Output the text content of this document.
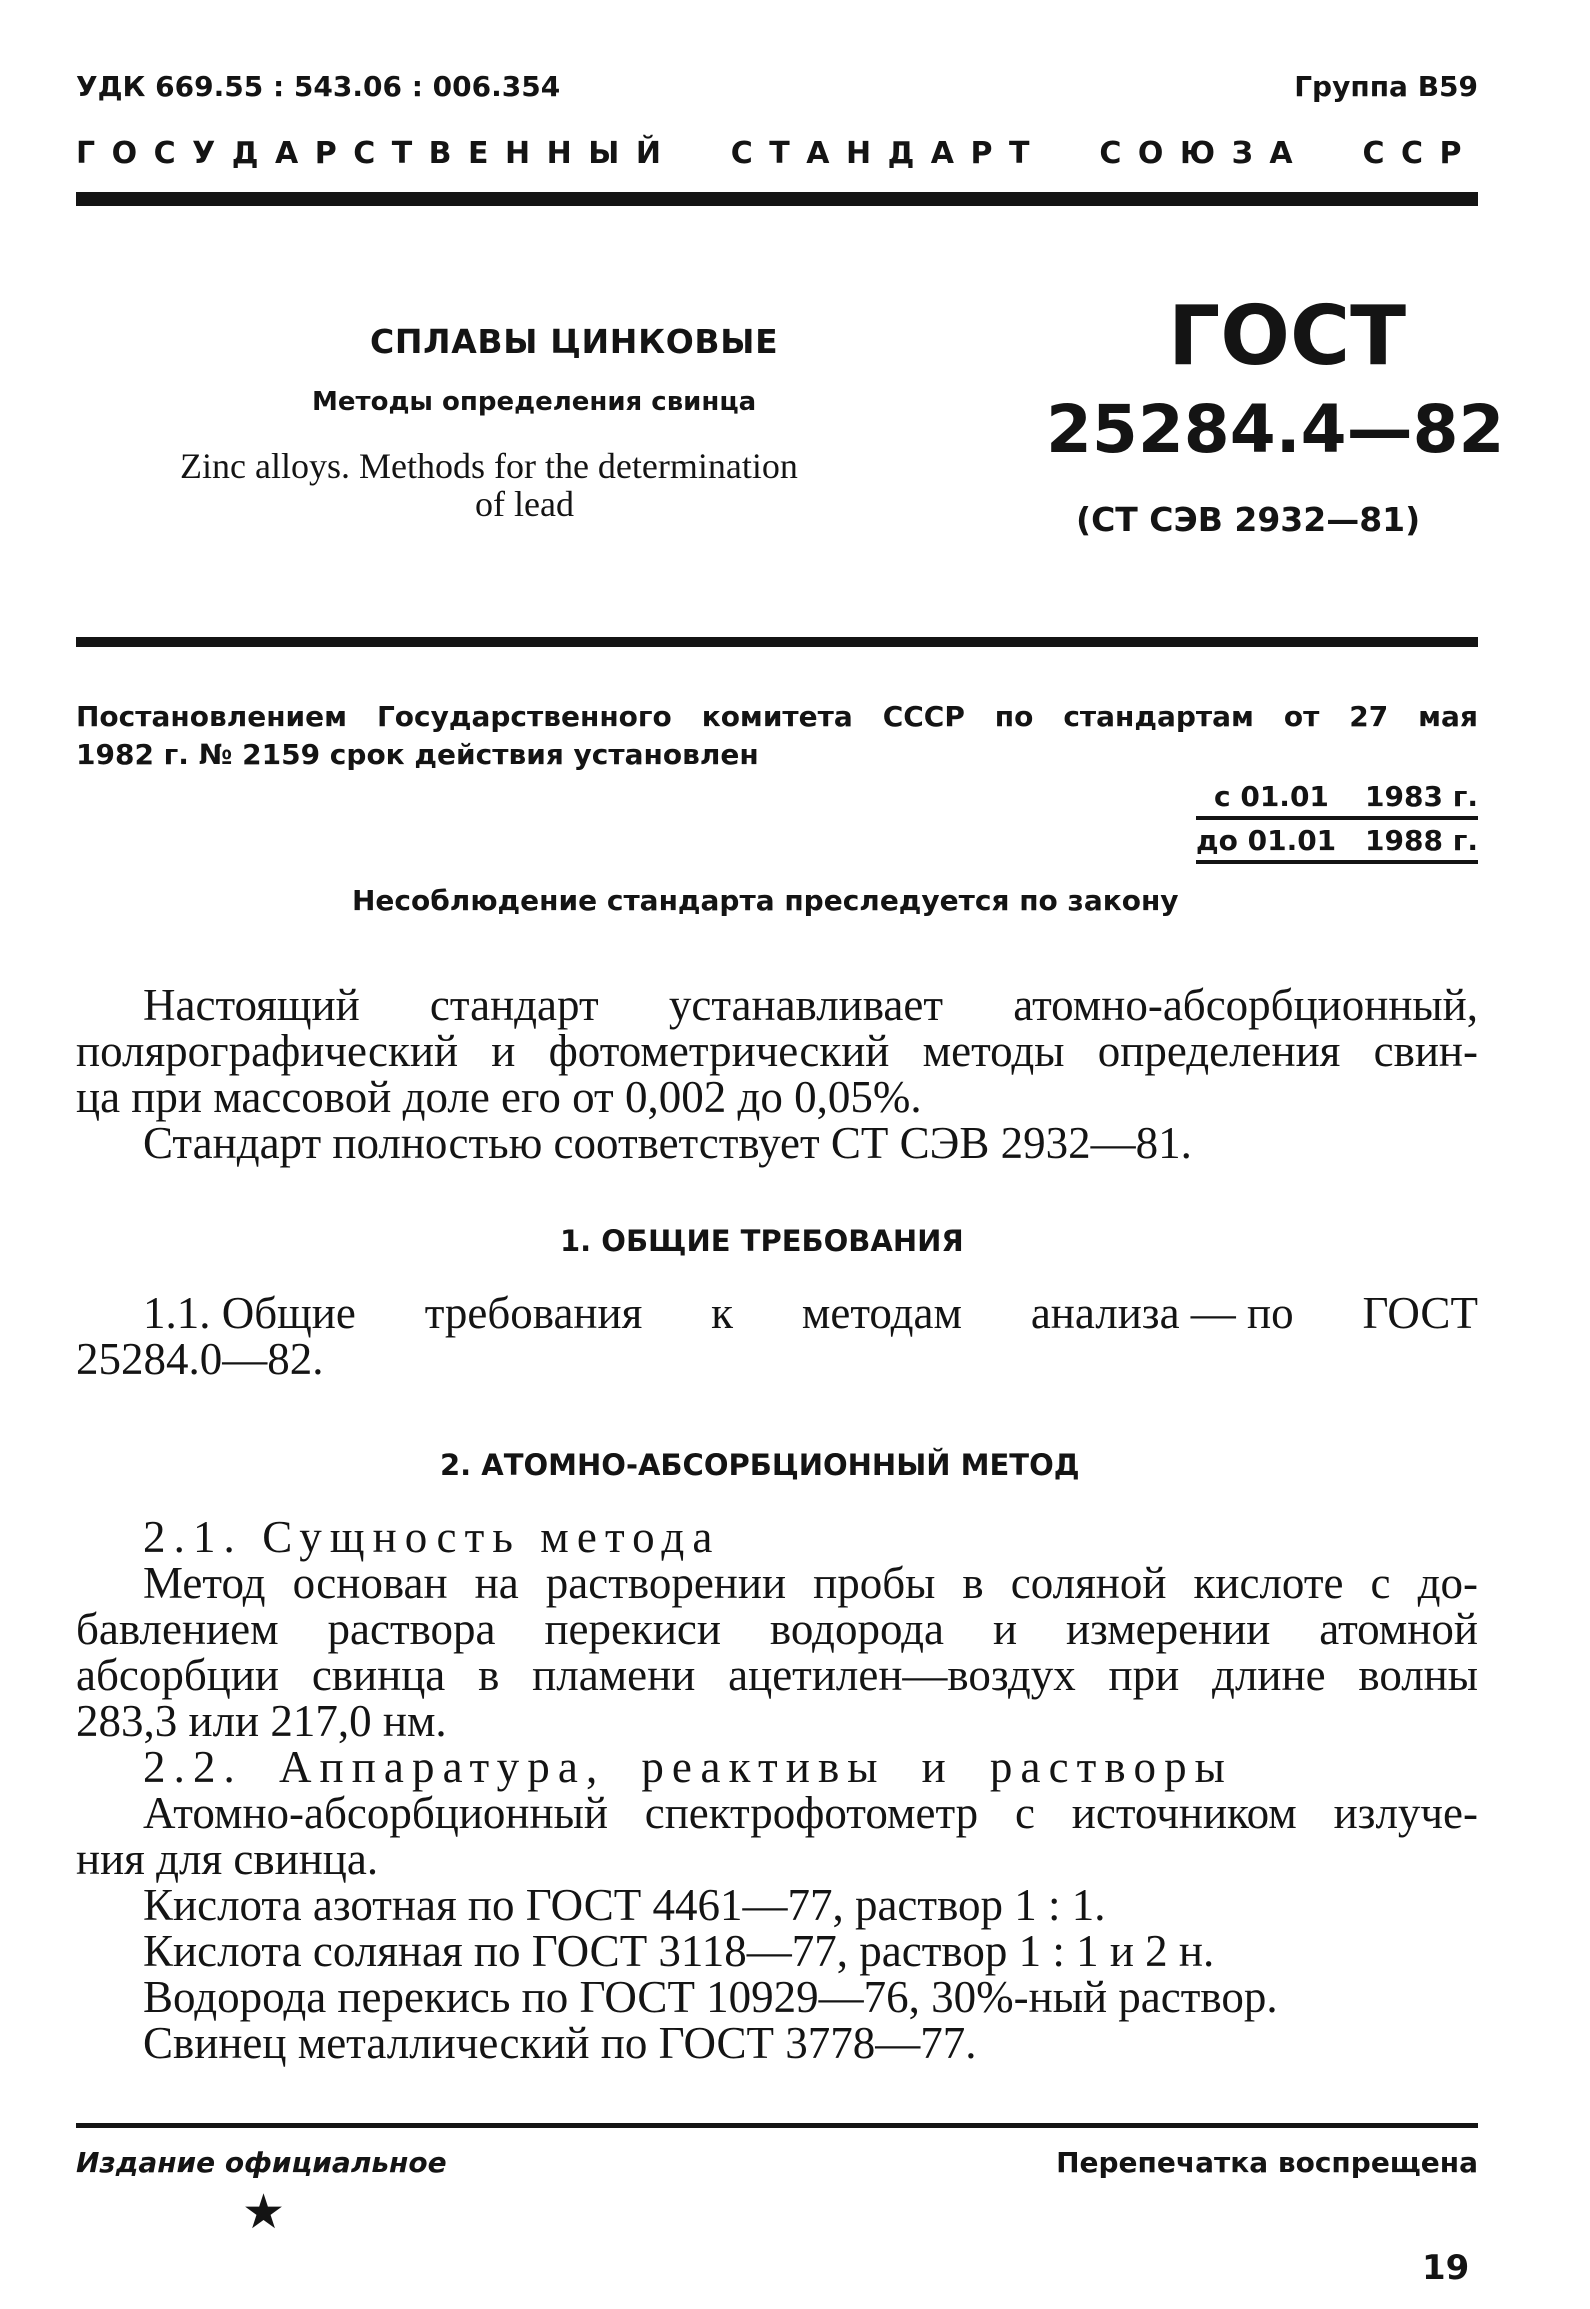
УДК 669.55 : 543.06 : 006.354	Группа В59
ГОСУДАРСТВЕННЫЙ СТАНДАРТ СОЮЗА ССР
СПЛАВЫ ЦИНКОВЫЕ
Методы определения свинца
Zinc alloys. Methods for the determination
of lead
ГОСТ
25284.4—82
(СТ СЭВ 2932—81)
Постановлением Государственного комитета СССР по стандартам от 27 мая
1982 г. № 2159 срок действия установлен
с 01.01 1983 г.
до 01.01 1988 г.
Несоблюдение стандарта преследуется по закону
Настоящий стандарт устанавливает атомно-абсорбционный,
полярографический и фотометрический методы определения свин-
ца при массовой доле его от 0,002 до 0,05%.
Стандарт полностью соответствует СТ СЭВ 2932—81.
1. ОБЩИЕ ТРЕБОВАНИЯ
1.1. Общие требования к методам анализа — по ГОСТ
25284.0—82.
2. АТОМНО-АБСОРБЦИОННЫЙ МЕТОД
2.1. Сущность метода
Метод основан на растворении пробы в соляной кислоте с до-
бавлением раствора перекиси водорода и измерении атомной
абсорбции свинца в пламени ацетилен—воздух при длине волны
283,3 или 217,0 нм.
2.2. Аппаратура, реактивы и растворы
Атомно-абсорбционный спектрофотометр с источником излуче-
ния для свинца.
Кислота азотная по ГОСТ 4461—77, раствор 1 : 1.
Кислота соляная по ГОСТ 3118—77, раствор 1 : 1 и 2 н.
Водорода перекись по ГОСТ 10929—76, 30%-ный раствор.
Свинец металлический по ГОСТ 3778—77.
Издание официальное	Перепечатка воспрещена
★
19
